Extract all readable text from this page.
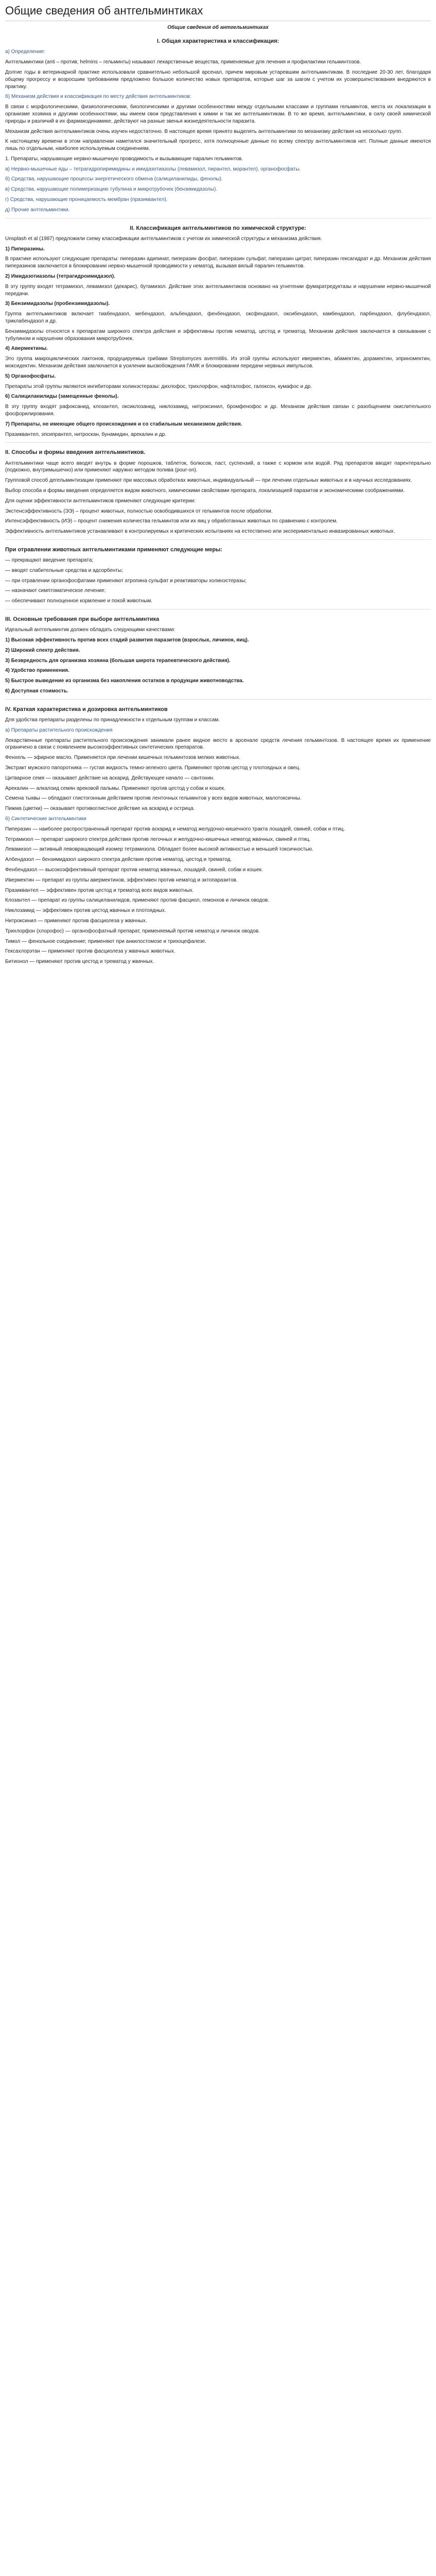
Общие сведения об антгельминтиках
Общие сведения об антгельминтиках
I. Общая характеристика и классификация:

а) Определение:

Антгельминтики (anti – против; helmins – гельминты) называют лекарственные вещества, применяемые для лечения и профилактики гельминтозов.

Долгие годы в ветеринарной практике использовали сравнительно небольшой арсенал, причем мировым устаревшим антгельминтикам. В последние 20-30 лет, благодаря общему прогрессу и возросшим требованиям предложено большое количество новых препаратов, которые шаг за шагом с учетом их усовершенствования внедряются в практику.

б) Механизм действия и классификация по месту действия антгельминтиков:

В связи с морфологическими, физиологическими, биологическими и другими особенностями между отдельными классами и группами гельминтов, места их локализации в организме хозяина и другими особенностями, мы имеем свои представления к химии и так же антгельминтикам. В то же время, антгельминтики, в силу своей химической природы и различий в их фармакодинамике, действуют на разные звенья жизнедеятельности паразита.

Механизм действия антгельминтиков очень изучен недостаточно. В настоящее время принято выделять антгельминтики по механизму действия на несколько групп.

К настоящему времени в этом направлении наметился значительный прогресс, хотя полноценные данные по всему спектру антгельминтиков нет. Полные данные имеются лишь по отдельным, наиболее используемым соединениям.

1. Препараты, нарушающие нервно-мышечную проводимость и вызывающие паралич гельминтов.

а) Нервно-мышечные яды – тетрагидропиримидины и имидазотиазолы (левамизол, пирантел, морантел), органофосфаты.

б) Средства, нарушающие процессы энергетического обмена (салициланилиды, фенолы).

в) Средства, нарушающие полимеризацию тубулина и микротрубочек (бензимидазолы).

г) Средства, нарушающие проницаемость мембран (празиквантел).

д) Прочие антгельминтики.

II. Классификация антгельминтиков по химической структуре:

Unsplash et al (1987) предложили схему классификации антгельминтиков с учетом их химической структуры и механизма действия.

1) Пиперазины.

В практике используют следующие препараты: пиперазин адипинат, пиперазин фосфат, пиперазин сульфат, пиперазин цитрат, пиперазин гексагидрат и др. Механизм действия пиперазинов заключается в блокировании нервно-мышечной проводимости у нематод, вызывая вялый паралич гельминтов.

2) Имидазотиазолы (тетрагидроимидазол).

В эту группу входят тетрамизол, левамизол (декарис), бутамизол. Действие этих антгельминтиков основано на угнетении фумаратредуктазы и нарушении нервно-мышечной передачи.

3) Бензимидазолы (пробензимидазолы).

Группа антгельминтиков включает тиабендазол, мебендазол, альбендазол, фенбендазол, оксфендазол, оксибендазол, камбендазол, парбендазол, флубендазол, триклабендазол и др.

Бензимидазолы относятся к препаратам широкого спектра действия и эффективны против нематод, цестод и трематод. Механизм действия заключается в связывании с тубулином и нарушении образования микротрубочек.

4) Авермектины.

Это группа макроциклических лактонов, продуцируемых грибами Streptomyces avermitilis. Из этой группы используют ивермектин, абамектин, дорамектин, эприномектин, моксидектин. Механизм действия заключается в усилении высвобождения ГАМК и блокировании передачи нервных импульсов.

5) Органофосфаты.

Препараты этой группы являются ингибиторами холинэстеразы: дихлофос, трихлорфон, нафталофос, галоксон, кумафос и др.

6) Салициланилиды (замещенные фенолы).

В эту группу входят рафоксанид, клозантел, оксиклозанид, никлозамид, нитроксинил, бромфенофос и др. Механизм действия связан с разобщением окислительного фосфорилирования.

7) Препараты, не имеющие общего происхождения и со стабильным механизмом действия.

Празиквантел, эпсипрантел, нитроскан, бунамидин, арекалин и др.

II. Способы и формы введения антгельминтиков.

Антгельминтики чаще всего вводят внутрь в форме порошков, таблеток, болюсов, паст, суспензий, а также с кормом или водой. Ряд препаратов вводят парентерально (подкожно, внутримышечно) или применяют наружно методом полива (pour-on).

Групповой способ дегельминтизации применяют при массовых обработках животных, индивидуальный — при лечении отдельных животных и в научных исследованиях.

Выбор способа и формы введения определяется видом животного, химическими свойствами препарата, локализацией паразитов и экономическими соображениями.

Для оценки эффективности антгельминтиков применяют следующие критерии:

Экстенсэффективность (ЭЭ) – процент животных, полностью освободившихся от гельминтов после обработки.

Интенсэффективность (ИЭ) – процент снижения количества гельминтов или их яиц у обработанных животных по сравнению с контролем.

Эффективность антгельминтиков устанавливают в контролируемых и критических испытаниях на естественно или экспериментально инвазированных животных.

При отравлении животных антгельминтиками применяют следующие меры:

— прекращают введение препарата;

— вводят слабительные средства и адсорбенты;

— при отравлении органофосфатами применяют атропина сульфат и реактиваторы холинэстеразы;

— назначают симптоматическое лечение;

— обеспечивают полноценное кормление и покой животным.

III. Основные требования при выборе антгельминтика

Идеальный антгельминтик должен обладать следующими качествами:

1) Высокая эффективность против всех стадий развития паразитов (взрослых, личинок, яиц).

2) Широкий спектр действия.

3) Безвредность для организма хозяина (большая широта терапевтического действия).

4) Удобство применения.

5) Быстрое выведение из организма без накопления остатков в продукции животноводства.

6) Доступная стоимость.

IV. Краткая характеристика и дозировка антгельминтиков

Для удобства препараты разделены по принадлежности к отдельным группам и классам.

а) Препараты растительного происхождения

Лекарственные препараты растительного происхождения занимали ранее видное место в арсенале средств лечения гельминтозов. В настоящее время их применение ограничено в связи с появлением высокоэффективных синтетических препаратов.

Фенхель — эфирное масло. Применяется при лечении кишечных гельминтозов мелких животных.

Экстракт мужского папоротника — густая жидкость темно-зеленого цвета. Применяют против цестод у плотоядных и овец.

Цитварное семя — оказывает действие на аскарид. Действующее начало — сантонин.

Арекалин — алкалоид семян арековой пальмы. Применяют против цестод у собак и кошек.

Семена тыквы — обладают глистогонным действием против ленточных гельминтов у всех видов животных, малотоксичны.

Пижма (цветки) — оказывает противоглистное действие на аскарид и острица.

б) Синтетические антгельминтики

Пиперазин — наиболее распространенный препарат против аскарид и нематод желудочно-кишечного тракта лошадей, свиней, собак и птиц.

Тетрамизол — препарат широкого спектра действия против легочных и желудочно-кишечных нематод жвачных, свиней и птиц.

Левамизол — активный левовращающий изомер тетрамизола. Обладает более высокой активностью и меньшей токсичностью.

Албендазол — бензимидазол широкого спектра действия против нематод, цестод и трематод.

Фенбендазол — высокоэффективный препарат против нематод жвачных, лошадей, свиней, собак и кошек.

Ивермектин — препарат из группы авермектинов, эффективен против нематод и эктопаразитов.

Празиквантел — эффективен против цестод и трематод всех видов животных.

Клозантел — препарат из группы салициланилидов, применяют против фасциол, гемонхов и личинок оводов.

Никлозамид — эффективен против цестод жвачных и плотоядных.

Нитроксинил — применяют против фасциолеза у жвачных.

Трихлорфон (хлорофос) — органофосфатный препарат, применяемый против нематод и личинок оводов.

Тимол — фенольное соединение; применяют при анкилостомозе и трихоцефалезе.

Гексахлорэтан — применяют против фасциолеза у жвачных животных.

Битионол — применяют против цестод и трематод у жвачных.
